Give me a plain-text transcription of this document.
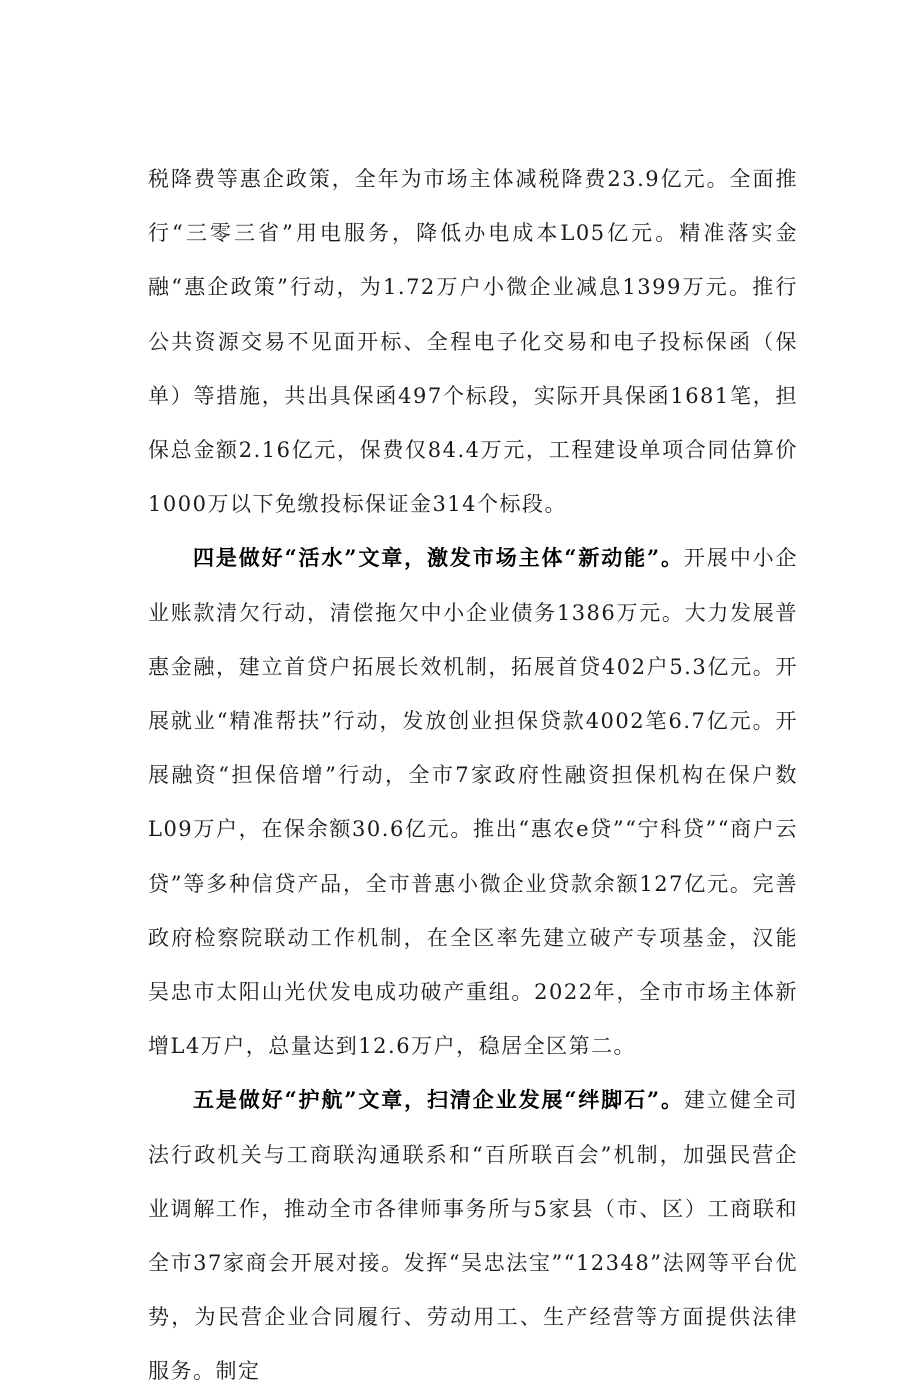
税降费等惠企政策，全年为市场主体减税降费23.9亿元。全面推行“三零三省”用电服务，降低办电成本L05亿元。精准落实金融“惠企政策”行动，为1.72万户小微企业减息1399万元。推行公共资源交易不见面开标、全程电子化交易和电子投标保函（保单）等措施，共出具保函497个标段，实际开具保函1681笔，担保总金额2.16亿元，保费仅84.4万元，工程建设单项合同估算价1000万以下免缴投标保证金314个标段。

四是做好“活水”文章，激发市场主体“新动能”。开展中小企业账款清欠行动，清偿拖欠中小企业债务1386万元。大力发展普惠金融，建立首贷户拓展长效机制，拓展首贷402户5.3亿元。开展就业“精准帮扶”行动，发放创业担保贷款4002笔6.7亿元。开展融资“担保倍增”行动，全市7家政府性融资担保机构在保户数L09万户，在保余额30.6亿元。推出“惠农e贷”“宁科贷”“商户云贷”等多种信贷产品，全市普惠小微企业贷款余额127亿元。完善政府检察院联动工作机制，在全区率先建立破产专项基金，汉能吴忠市太阳山光伏发电成功破产重组。2022年，全市市场主体新增L4万户，总量达到12.6万户，稳居全区第二。

五是做好“护航”文章，扫清企业发展“绊脚石”。建立健全司法行政机关与工商联沟通联系和“百所联百会”机制，加强民营企业调解工作，推动全市各律师事务所与5家县（市、区）工商联和全市37家商会开展对接。发挥“吴忠法宝”“12348”法网等平台优势，为民营企业合同履行、劳动用工、生产经营等方面提供法律服务。制定
